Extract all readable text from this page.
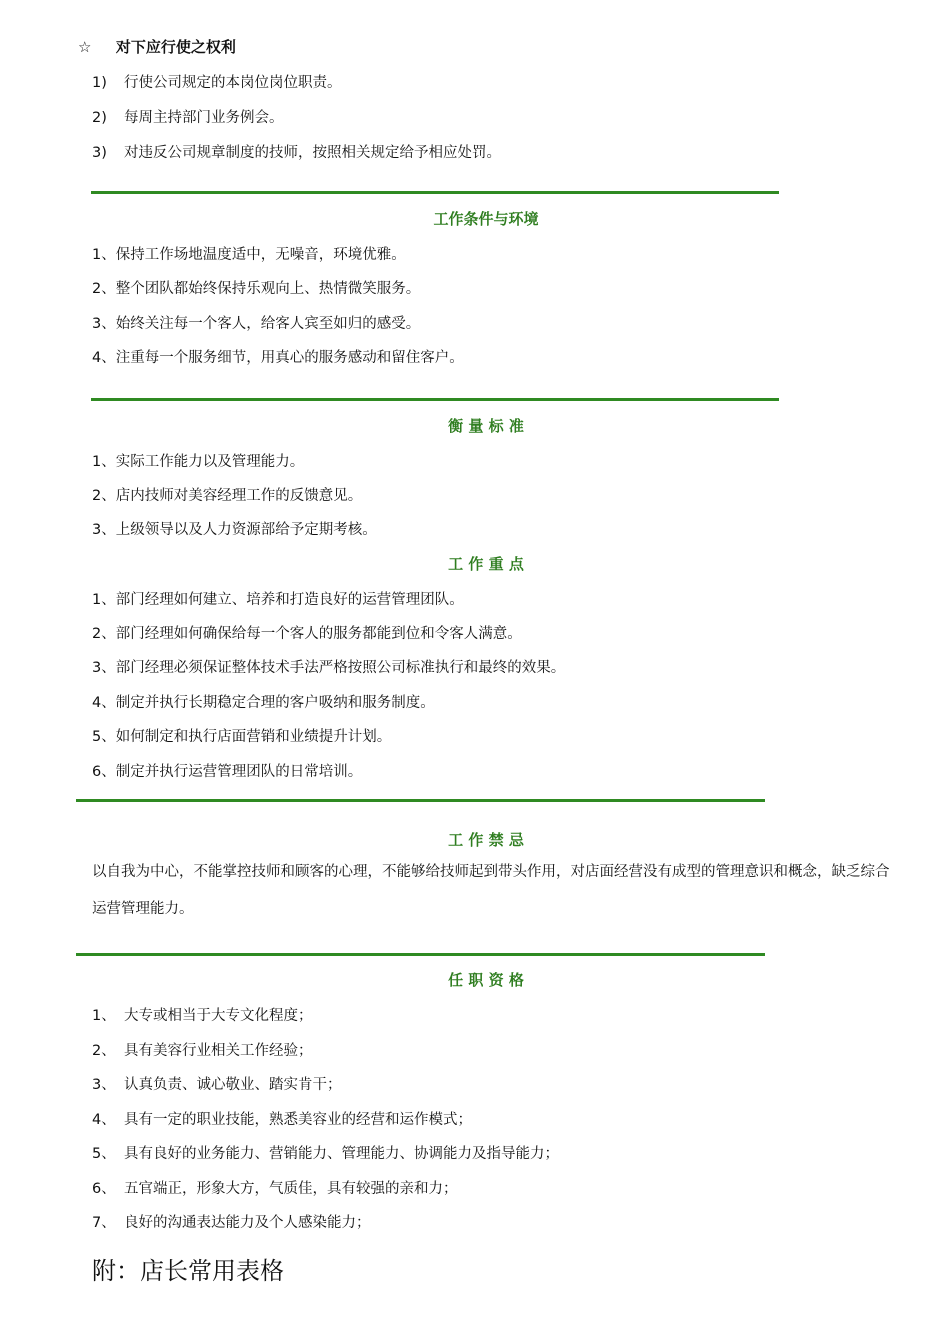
☆ 对下应行使之权利
1) 行使公司规定的本岗位岗位职责。
2) 每周主持部门业务例会。
3) 对违反公司规章制度的技师，按照相关规定给予相应处罚。
工作条件与环境
1、保持工作场地温度适中，无噪音，环境优雅。
2、整个团队都始终保持乐观向上、热情微笑服务。
3、始终关注每一个客人，给客人宾至如归的感受。
4、注重每一个服务细节，用真心的服务感动和留住客户。
衡 量 标 准
1、实际工作能力以及管理能力。
2、店内技师对美容经理工作的反馈意见。
3、上级领导以及人力资源部给予定期考核。
工 作 重 点
1、部门经理如何建立、培养和打造良好的运营管理团队。
2、部门经理如何确保给每一个客人的服务都能到位和令客人满意。
3、部门经理必须保证整体技术手法严格按照公司标准执行和最终的效果。
4、制定并执行长期稳定合理的客户吸纳和服务制度。
5、如何制定和执行店面营销和业绩提升计划。
6、制定并执行运营管理团队的日常培训。
工 作 禁 忌
以自我为中心，不能掌控技师和顾客的心理，不能够给技师起到带头作用，对店面经营没有成型的管理意识和概念，缺乏综合运营管理能力。
任 职 资 格
1、 大专或相当于大专文化程度；
2、 具有美容行业相关工作经验；
3、 认真负责、诚心敬业、踏实肯干；
4、 具有一定的职业技能，熟悉美容业的经营和运作模式；
5、 具有良好的业务能力、营销能力、管理能力、协调能力及指导能力；
6、 五官端正，形象大方，气质佳，具有较强的亲和力；
7、 良好的沟通表达能力及个人感染能力；
附：店长常用表格
